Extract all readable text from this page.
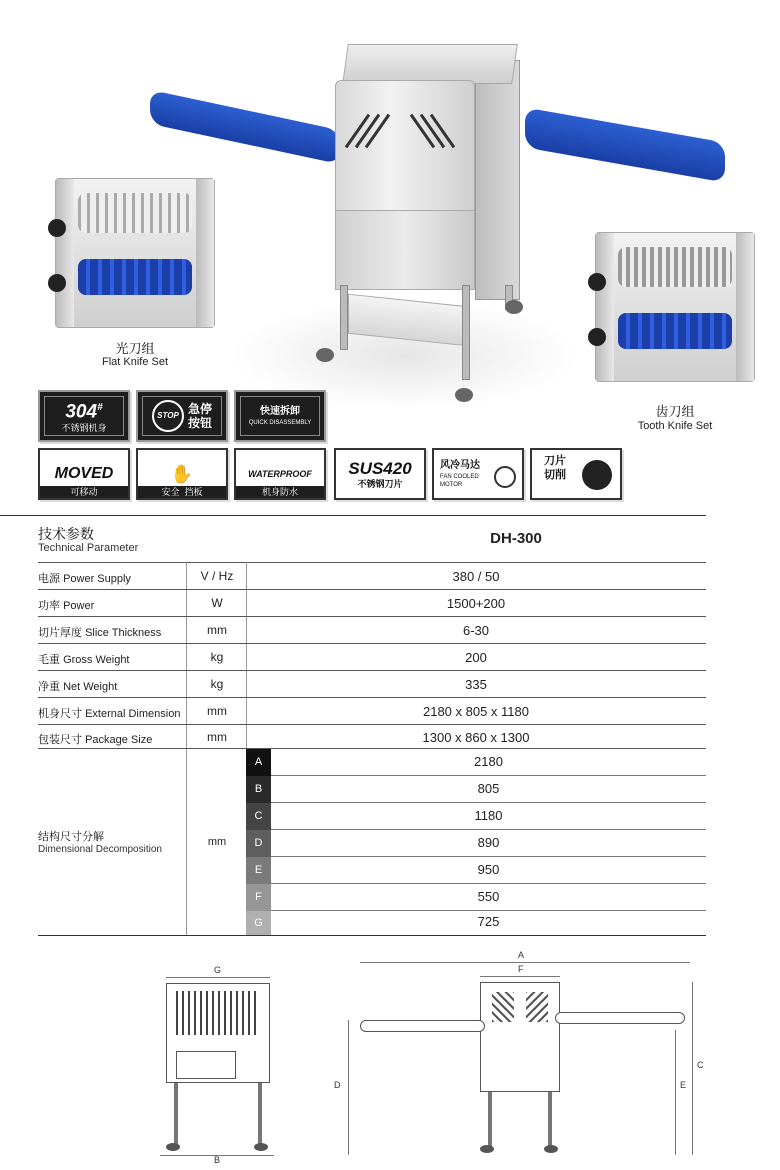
光刀组
Flat Knife Set
齿刀组
Tooth Knife Set
304#
不锈钢机身
STOP 急停按钮
快速拆卸
QUICK DISASSEMBLY
MOVED
可移动
✋
安全 挡板
WATERPROOF
机身防水
SUS420
不锈钢刀片
风冷马达
FAN COOLED MOTOR
刀片切削
技术参数
Technical Parameter
DH-300
电源 Power Supply	V / Hz	380 / 50
功率 Power	W	1500+200
切片厚度 Slice Thickness	mm	6-30
毛重 Gross Weight	kg	200
净重 Net Weight	kg	335
机身尺寸 External Dimension	mm	2180 x 805 x 1180
包装尺寸 Package Size	mm	1300 x 860 x 1300
结构尺寸分解
Dimensional Decomposition
mm
A	2180
B	805
C	1180
D	890
E	950
F	550
G	725
G
B
A
F
D	E
C
